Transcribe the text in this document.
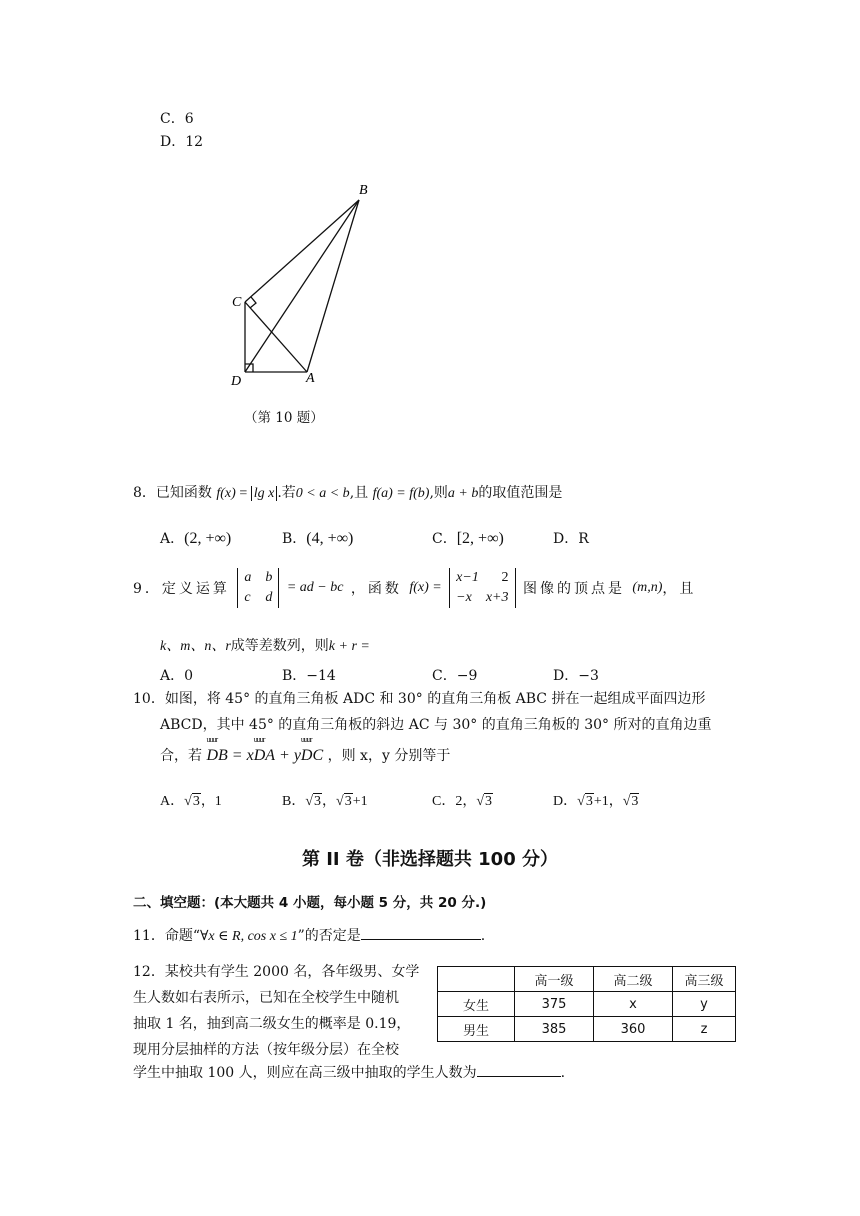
C．6
D．12
B
C
D	A
（第 10 题）
8．已知函数 f(x) = lg x .若0 < a < b,且 f(a) = f(b),则a + b的取值范围是
A．(2, +∞)	B．(4, +∞)	C．[2, +∞)	D．R
9．定义运算
a b
c d
= ad − bc ，函数 f(x) =
x−1 2
−x x+3
图像的顶点是 (m,n)，且
k、m、n、r成等差数列，则k + r =
A．0	B．−14	C．−9	D．−3
10．如图，将 45° 的直角三角板 ADC 和 30° 的直角三角板 ABC 拼在一起组成平面四边形
ABCD，其中 45° 的直角三角板的斜边 AC 与 30° 的直角三角板的 30° 所对的直角边重
合，若
uuur
DB = x
uuur
DA + y
uuur
DC ，则 x，y 分别等于
A．√3，1	B．√3，√3+1	C．2，√3	D．√3+1，√3
第 II 卷（非选择题共 100 分）
二、填空题：(本大题共 4 小题，每小题 5 分，共 20 分.)
11．命题“∀x ∈ R, cos x ≤ 1”的否定是	.
12．某校共有学生 2000 名，各年级男、女学
生人数如右表所示，已知在全校学生中随机
抽取 1 名，抽到高二级女生的概率是 0.19，
现用分层抽样的方法（按年级分层）在全校
学生中抽取 100 人，则应在高三级中抽取的学生人数为	.
	高一级	高二级	高三级
女生	375	x	y
男生	385	360	z
